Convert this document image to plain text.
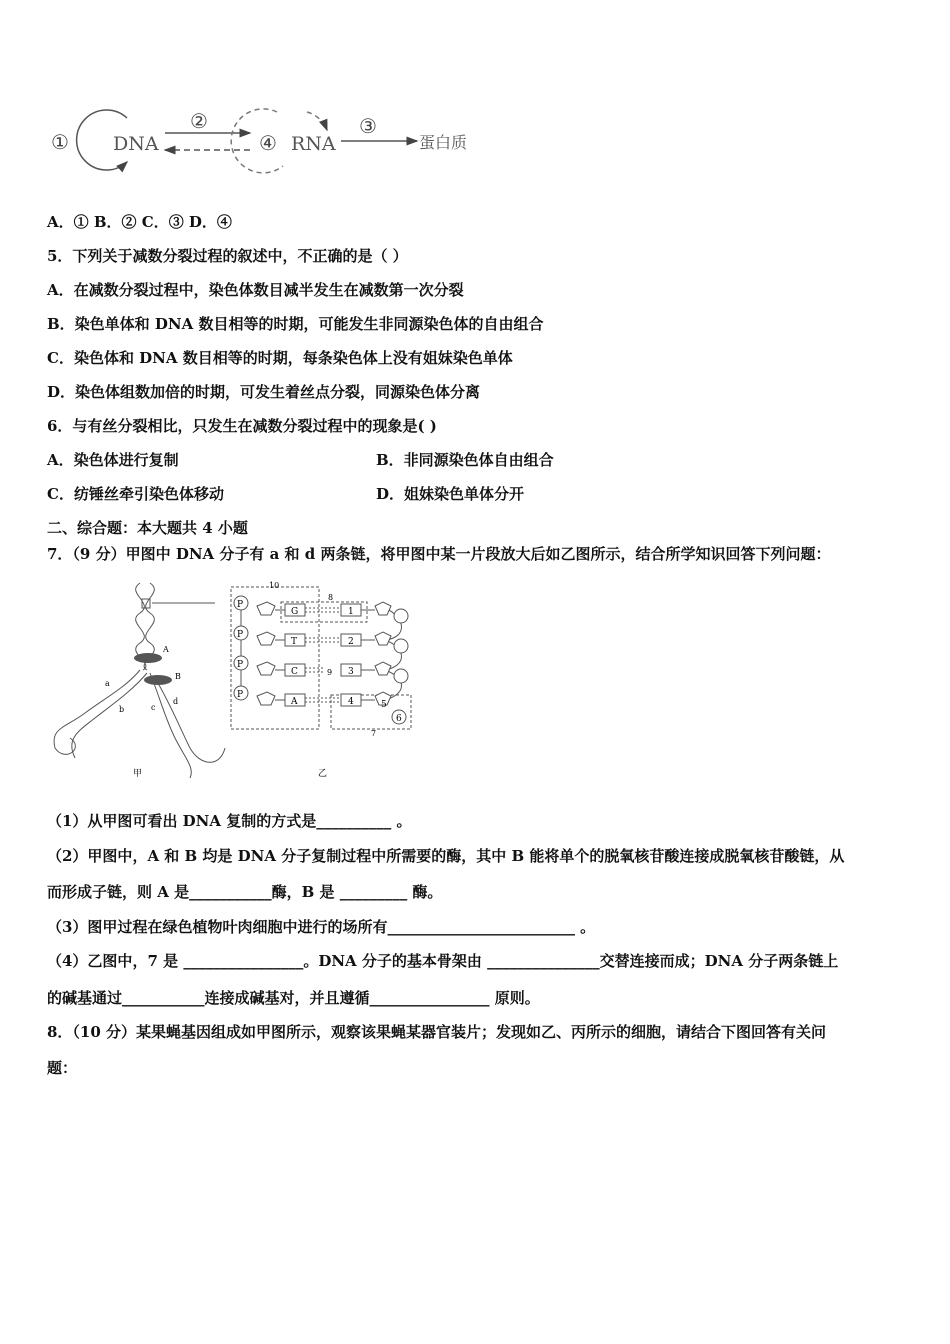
① DNA
②
④ RNA
③
蛋白质
A．① B．② C．③ D．④
5．下列关于减数分裂过程的叙述中，不正确的是（ ）
A．在减数分裂过程中，染色体数目减半发生在减数第一次分裂
B．染色单体和 DNA 数目相等的时期，可能发生非同源染色体的自由组合
C．染色体和 DNA 数目相等的时期，每条染色体上没有姐妹染色单体
D．染色体组数加倍的时期，可发生着丝点分裂，同源染色体分离
6．与有丝分裂相比，只发生在减数分裂过程中的现象是( )
A．染色体进行复制	B．非同源染色体自由组合
C．纺锤丝牵引染色体移动	D．姐妹染色单体分开
二、综合题：本大题共 4 小题
7．（9 分）甲图中 DNA 分子有 a 和 d 两条链，将甲图中某一片段放大后如乙图所示，结合所学知识回答下列问题：
A
B
a
b	c
d
甲
10
8
9
7
P
G	1
P
T	2
P
C	3
P
A	4	5
6
乙
（1）从甲图可看出 DNA 复制的方式是__________ 。
（2）甲图中，A 和 B 均是 DNA 分子复制过程中所需要的酶，其中 B 能将单个的脱氧核苷酸连接成脱氧核苷酸链，从
而形成子链，则 A 是___________酶，B 是 _________ 酶。
（3）图甲过程在绿色植物叶肉细胞中进行的场所有_________________________ 。
（4）乙图中，7 是 ________________。DNA 分子的基本骨架由 _______________交替连接而成；DNA 分子两条链上
的碱基通过___________连接成碱基对，并且遵循________________ 原则。
8．（10 分）某果蝇基因组成如甲图所示，观察该果蝇某器官装片；发现如乙、丙所示的细胞，请结合下图回答有关问
题：
